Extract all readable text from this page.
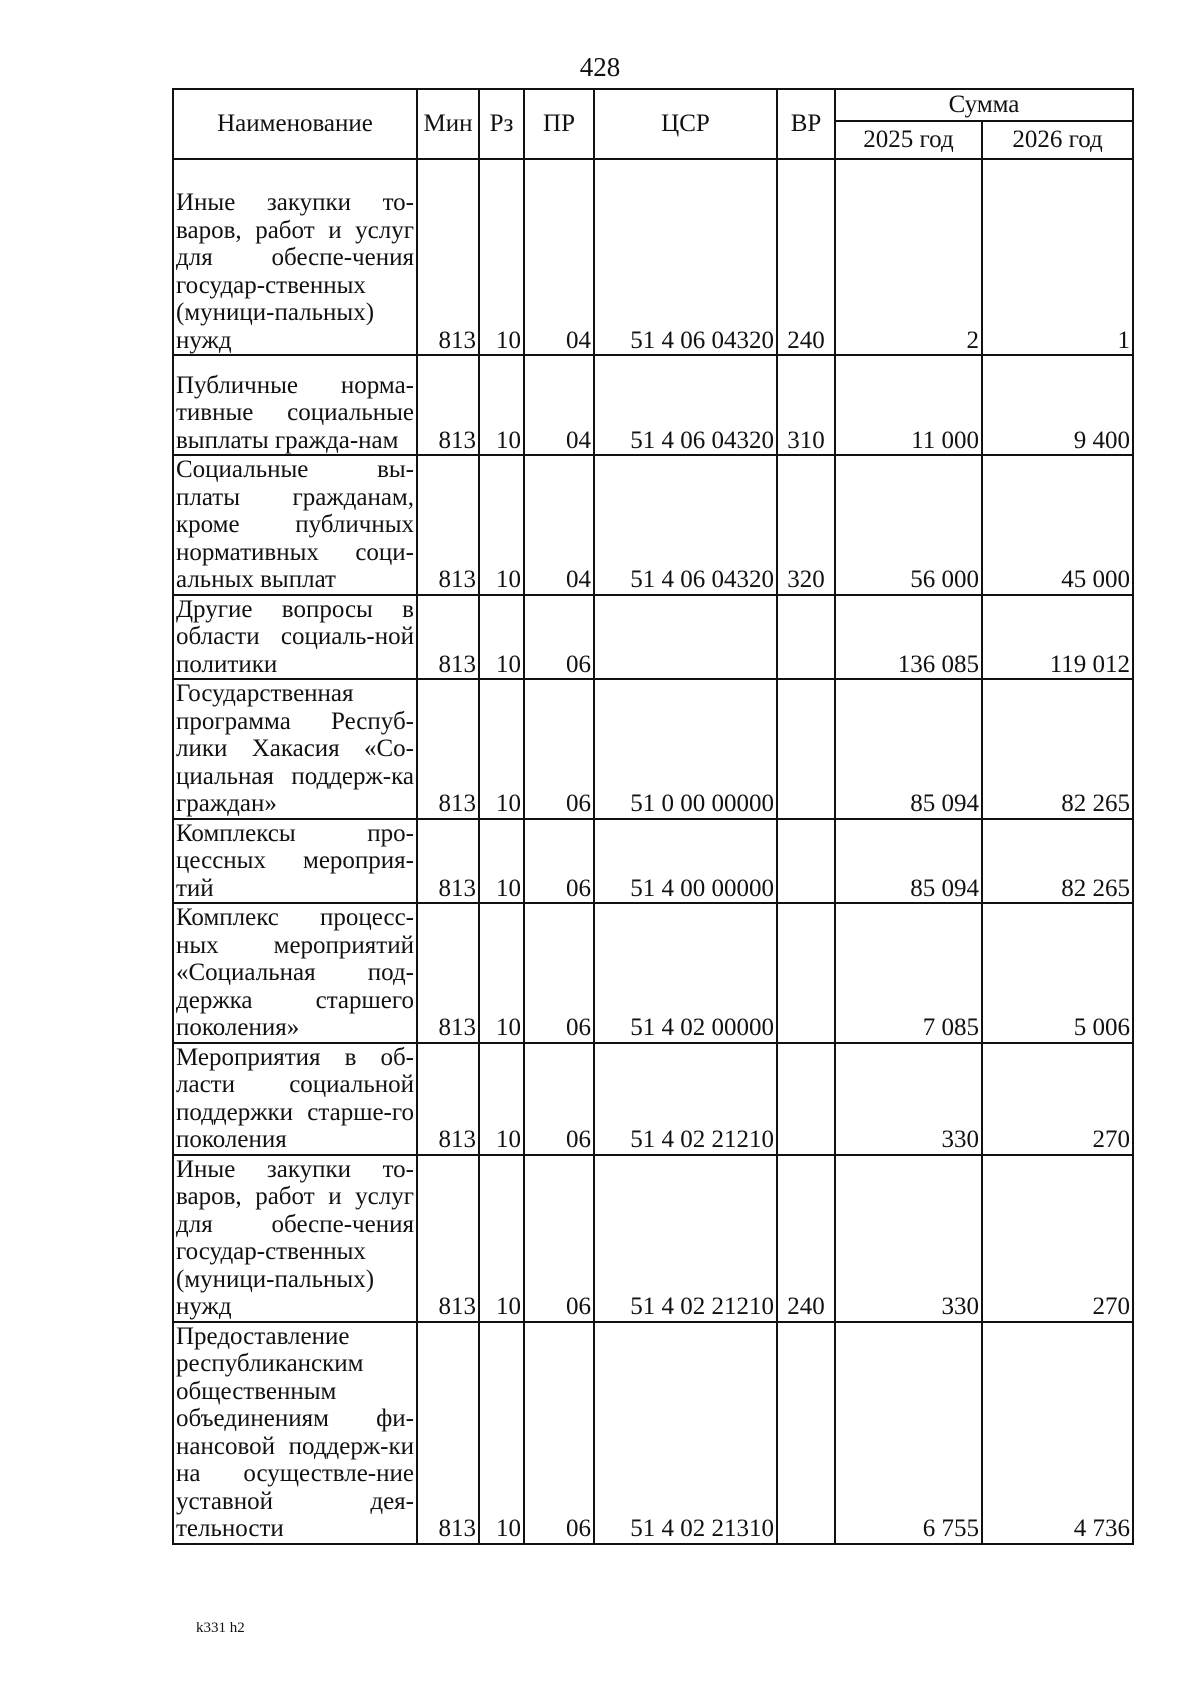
428
Наименование	Мин	Рз	ПР	ЦСР	ВР	Сумма	
						2025 год	2026 год
Иные закупки то-варов, работ и услуг для обеспе-чения государ-ственных (муници-пальных) нужд	813	10	04	51 4 06 04320	240	2	1
Публичные норма-тивные социальные выплаты гражда-нам	813	10	04	51 4 06 04320	310	11 000	9 400
Социальные вы-платы гражданам, кроме публичных нормативных соци-альных выплат	813	10	04	51 4 06 04320	320	56 000	45 000
Другие вопросы в области социаль-ной политики	813	10	06			136 085	119 012
Государственная программа Респуб-лики Хакасия «Со-циальная поддерж-ка граждан»	813	10	06	51 0 00 00000		85 094	82 265
Комплексы про-цессных мероприя-тий	813	10	06	51 4 00 00000		85 094	82 265
Комплекс процесс-ных мероприятий «Социальная под-держка старшего поколения»	813	10	06	51 4 02 00000		7 085	5 006
Мероприятия в об-ласти социальной поддержки старше-го поколения	813	10	06	51 4 02 21210		330	270
Иные закупки то-варов, работ и услуг для обеспе-чения государ-ственных (муници-пальных) нужд	813	10	06	51 4 02 21210	240	330	270
Предоставление республиканским общественным объединениям фи-нансовой поддерж-ки на осуществле-ние уставной дея-тельности	813	10	06	51 4 02 21310		6 755	4 736
k331 h2
